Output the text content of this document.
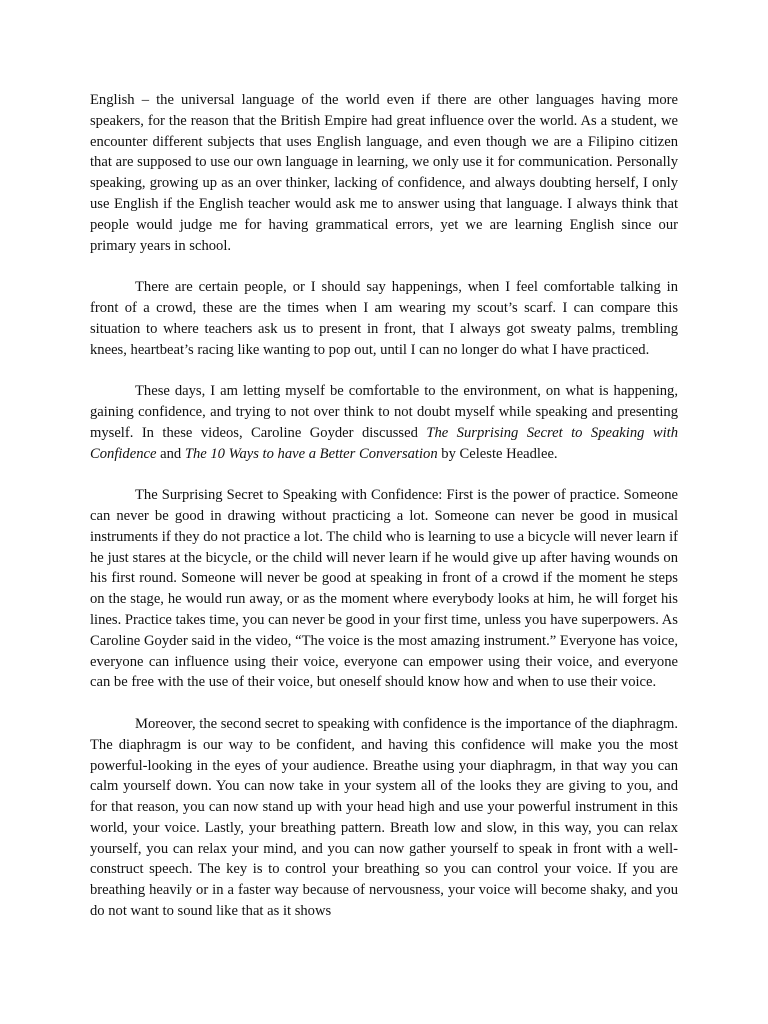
English – the universal language of the world even if there are other languages having more speakers, for the reason that the British Empire had great influence over the world. As a student, we encounter different subjects that uses English language, and even though we are a Filipino citizen that are supposed to use our own language in learning, we only use it for communication. Personally speaking, growing up as an over thinker, lacking of confidence, and always doubting herself, I only use English if the English teacher would ask me to answer using that language. I always think that people would judge me for having grammatical errors, yet we are learning English since our primary years in school.

There are certain people, or I should say happenings, when I feel comfortable talking in front of a crowd, these are the times when I am wearing my scout’s scarf. I can compare this situation to where teachers ask us to present in front, that I always got sweaty palms, trembling knees, heartbeat’s racing like wanting to pop out, until I can no longer do what I have practiced.

These days, I am letting myself be comfortable to the environment, on what is happening, gaining confidence, and trying to not over think to not doubt myself while speaking and presenting myself. In these videos, Caroline Goyder discussed The Surprising Secret to Speaking with Confidence and The 10 Ways to have a Better Conversation by Celeste Headlee.

The Surprising Secret to Speaking with Confidence: First is the power of practice. Someone can never be good in drawing without practicing a lot. Someone can never be good in musical instruments if they do not practice a lot. The child who is learning to use a bicycle will never learn if he just stares at the bicycle, or the child will never learn if he would give up after having wounds on his first round. Someone will never be good at speaking in front of a crowd if the moment he steps on the stage, he would run away, or as the moment where everybody looks at him, he will forget his lines. Practice takes time, you can never be good in your first time, unless you have superpowers. As Caroline Goyder said in the video, “The voice is the most amazing instrument.” Everyone has voice, everyone can influence using their voice, everyone can empower using their voice, and everyone can be free with the use of their voice, but oneself should know how and when to use their voice.

Moreover, the second secret to speaking with confidence is the importance of the diaphragm. The diaphragm is our way to be confident, and having this confidence will make you the most powerful-looking in the eyes of your audience. Breathe using your diaphragm, in that way you can calm yourself down. You can now take in your system all of the looks they are giving to you, and for that reason, you can now stand up with your head high and use your powerful instrument in this world, your voice. Lastly, your breathing pattern. Breath low and slow, in this way, you can relax yourself, you can relax your mind, and you can now gather yourself to speak in front with a well-construct speech. The key is to control your breathing so you can control your voice. If you are breathing heavily or in a faster way because of nervousness, your voice will become shaky, and you do not want to sound like that as it shows
